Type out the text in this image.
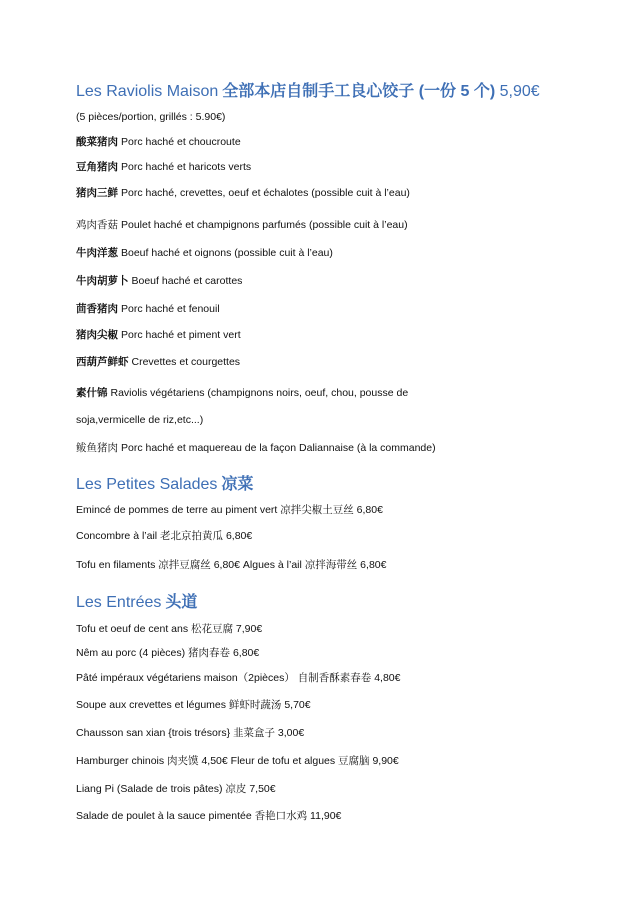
Les Raviolis Maison 全部本店自制手工良心饺子 (一份 5 个) 5,90€
(5 pièces/portion, grillés : 5.90€)
酸菜猪肉 Porc haché et choucroute
豆角猪肉 Porc haché et haricots verts
猪肉三鲜 Porc haché, crevettes, oeuf et échalotes (possible cuit à l’eau)
鸡肉香菇 Poulet haché et champignons parfumés (possible cuit à l’eau)
牛肉洋葱 Boeuf haché et oignons (possible cuit à l’eau)
牛肉胡萝卜 Boeuf haché et carottes
茴香猪肉 Porc haché et fenouil
猪肉尖椒 Porc haché et piment vert
西葫芦鲜虾 Crevettes et courgettes
素什锦 Raviolis végétariens (champignons noirs, oeuf, chou, pousse de
soja,vermicelle de riz,etc...)
鲅鱼猪肉 Porc haché et maquereau de la façon Daliannaise (à la commande)
Les Petites Salades 凉菜
Emincé de pommes de terre au piment vert 凉拌尖椒土豆丝 6,80€
Concombre à l’ail 老北京拍黄瓜 6,80€
Tofu en filaments 凉拌豆腐丝 6,80€ Algues à l’ail 凉拌海带丝 6,80€
Les Entrées 头道
Tofu et oeuf de cent ans 松花豆腐 7,90€
Nêm au porc (4 pièces) 猪肉春卷 6,80€
Pâté impéraux végétariens maison（2pièces） 自制香酥素春卷 4,80€
Soupe aux crevettes et légumes 鲜虾时蔬汤 5,70€
Chausson san xian {trois trésors} 韭菜盒子 3,00€
Hamburger chinois 肉夹馍 4,50€ Fleur de tofu et algues 豆腐脑 9,90€
Liang Pi (Salade de trois pâtes) 凉皮 7,50€
Salade de poulet à la sauce pimentée 香艳口水鸡 11,90€
